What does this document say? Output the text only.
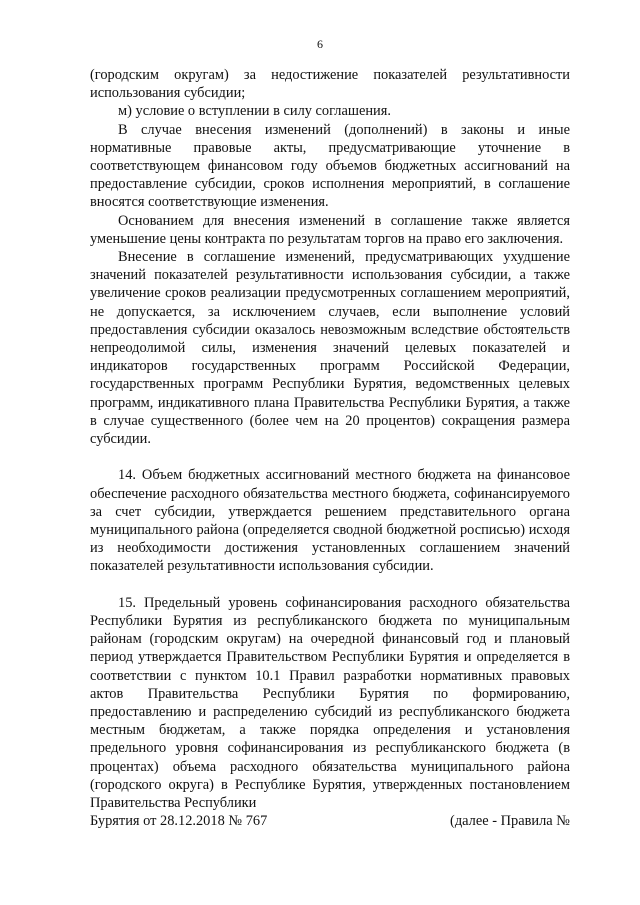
6

(городским округам) за недостижение показателей результативности использования субсидии;

м) условие о вступлении в силу соглашения.

В случае внесения изменений (дополнений) в законы и иные нормативные правовые акты, предусматривающие уточнение в соответствующем финансовом году объемов бюджетных ассигнований на предоставление субсидии, сроков исполнения мероприятий, в соглашение вносятся соответствующие изменения.

Основанием для внесения изменений в соглашение также является уменьшение цены контракта по результатам торгов на право его заключения.

Внесение в соглашение изменений, предусматривающих ухудшение значений показателей результативности использования субсидии, а также увеличение сроков реализации предусмотренных соглашением мероприятий, не допускается, за исключением случаев, если выполнение условий предоставления субсидии оказалось невозможным вследствие обстоятельств непреодолимой силы, изменения значений целевых показателей и индикаторов государственных программ Российской Федерации, государственных программ Республики Бурятия, ведомственных целевых программ, индикативного плана Правительства Республики Бурятия, а также в случае существенного (более чем на 20 процентов) сокращения размера субсидии.

14. Объем бюджетных ассигнований местного бюджета на финансовое обеспечение расходного обязательства местного бюджета, софинансируемого за счет субсидии, утверждается решением представительного органа муниципального района (определяется сводной бюджетной росписью) исходя из необходимости достижения установленных соглашением значений показателей результативности использования субсидии.

15. Предельный уровень софинансирования расходного обязательства Республики Бурятия из республиканского бюджета по муниципальным районам (городским округам) на очередной финансовый год и плановый период утверждается Правительством Республики Бурятия и определяется в соответствии с пунктом 10.1 Правил разработки нормативных правовых актов Правительства Республики Бурятия по формированию, предоставлению и распределению субсидий из республиканского бюджета местным бюджетам, а также порядка определения и установления предельного уровня софинансирования из республиканского бюджета (в процентах) объема расходного обязательства муниципального района (городского округа) в Республике Бурятия, утвержденных постановлением Правительства Республики

Бурятия от 28.12.2018 № 767	(далее - Правила №
